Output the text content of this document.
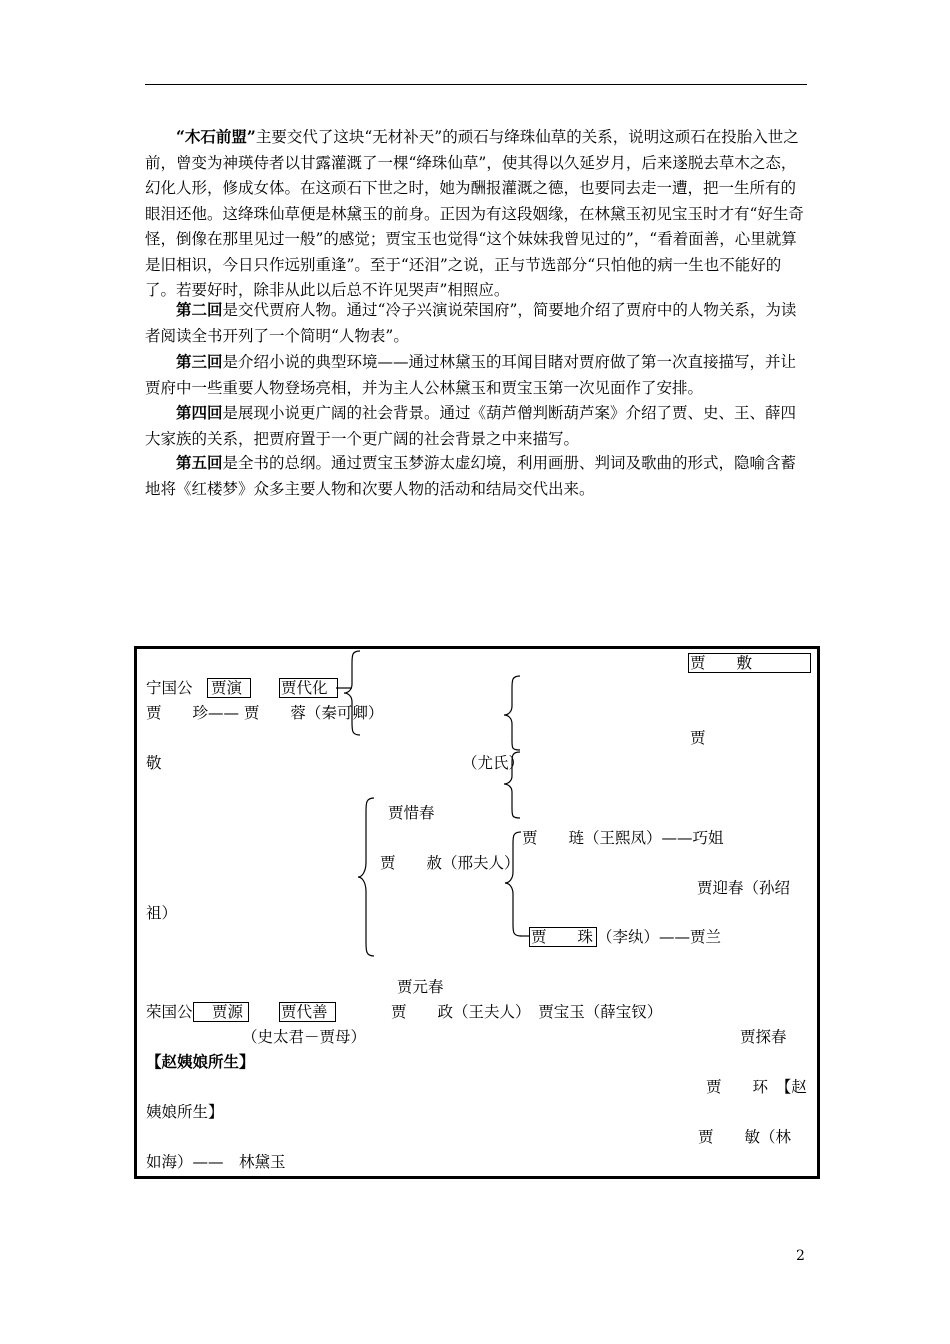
“木石前盟”主要交代了这块“无材补天”的顽石与绛珠仙草的关系，说明这顽石在投胎入世之前，曾变为神瑛侍者以甘露灌溉了一棵“绛珠仙草”，使其得以久延岁月，后来遂脱去草木之态，幻化人形，修成女体。在这顽石下世之时，她为酬报灌溉之德，也要同去走一遭，把一生所有的眼泪还他。这绛珠仙草便是林黛玉的前身。正因为有这段姻缘，在林黛玉初见宝玉时才有“好生奇怪，倒像在那里见过一般”的感觉；贾宝玉也觉得“这个妹妹我曾见过的”，“看着面善，心里就算是旧相识，今日只作远别重逢”。至于“还泪”之说，正与节选部分“只怕他的病一生也不能好的了。若要好时，除非从此以后总不许见哭声”相照应。

第二回是交代贾府人物。通过“冷子兴演说荣国府”，简要地介绍了贾府中的人物关系，为读者阅读全书开列了一个简明“人物表”。

第三回是介绍小说的典型环境——通过林黛玉的耳闻目睹对贾府做了第一次直接描写，并让贾府中一些重要人物登场亮相，并为主人公林黛玉和贾宝玉第一次见面作了安排。

第四回是展现小说更广阔的社会背景。通过《葫芦僧判断葫芦案》介绍了贾、史、王、薛四大家族的关系，把贾府置于一个更广阔的社会背景之中来描写。

第五回是全书的总纲。通过贾宝玉梦游太虚幻境，利用画册、判词及歌曲的形式，隐喻含蓄地将《红楼梦》众多主要人物和次要人物的活动和结局交代出来。

贾　　敷
宁国公 贾演	贾代化
贾　　珍—— 贾　　蓉（秦可卿）
贾
敬	（尤氏）
贾惜春
贾　　琏（王熙凤）——巧姐
贾　　赦（邢夫人）
贾迎春（孙绍
祖）
贾　　珠 （李纨）——贾兰
贾元春
荣国公 贾源 贾代善	贾　　政（王夫人）　贾宝玉（薛宝钗）
（史太君－贾母）	贾探春
【赵姨娘所生】
贾　　环　【赵
姨娘所生】
贾　　敏（林
如海）——　林黛玉
2
